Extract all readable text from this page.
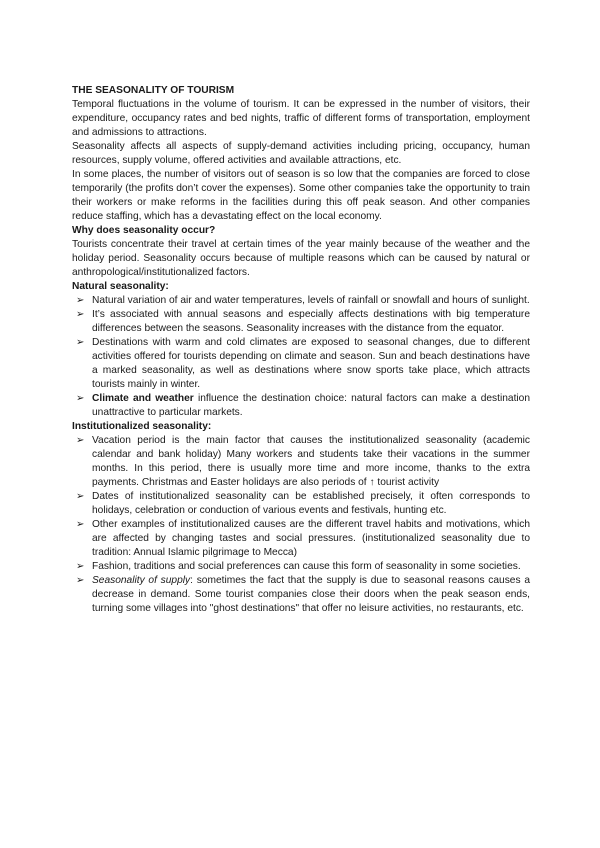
THE SEASONALITY OF TOURISM

Temporal fluctuations in the volume of tourism. It can be expressed in the number of visitors, their expenditure, occupancy rates and bed nights, traffic of different forms of transportation, employment and admissions to attractions.

Seasonality affects all aspects of supply-demand activities including pricing, occupancy, human resources, supply volume, offered activities and available attractions, etc.

In some places, the number of visitors out of season is so low that the companies are forced to close temporarily (the profits don’t cover the expenses). Some other companies take the opportunity to train their workers or make reforms in the facilities during this off peak season. And other companies reduce staffing, which has a devastating effect on the local economy.

Why does seasonality occur?

Tourists concentrate their travel at certain times of the year mainly because of the weather and the holiday period. Seasonality occurs because of multiple reasons which can be caused by natural or anthropological/institutionalized factors.

Natural seasonality:
➢ Natural variation of air and water temperatures, levels of rainfall or snowfall and hours of sunlight.
➢ It’s associated with annual seasons and especially affects destinations with big temperature differences between the seasons. Seasonality increases with the distance from the equator.
➢ Destinations with warm and cold climates are exposed to seasonal changes, due to different activities offered for tourists depending on climate and season. Sun and beach destinations have a marked seasonality, as well as destinations where snow sports take place, which attracts tourists mainly in winter.
➢ Climate and weather influence the destination choice: natural factors can make a destination unattractive to particular markets.
Institutionalized seasonality:
➢ Vacation period is the main factor that causes the institutionalized seasonality (academic calendar and bank holiday) Many workers and students take their vacations in the summer months. In this period, there is usually more time and more income, thanks to the extra payments. Christmas and Easter holidays are also periods of ↑ tourist activity
➢ Dates of institutionalized seasonality can be established precisely, it often corresponds to holidays, celebration or conduction of various events and festivals, hunting etc.
➢ Other examples of institutionalized causes are the different travel habits and motivations, which are affected by changing tastes and social pressures. (institutionalized seasonality due to tradition: Annual Islamic pilgrimage to Mecca)
➢ Fashion, traditions and social preferences can cause this form of seasonality in some societies.
➢ Seasonality of supply: sometimes the fact that the supply is due to seasonal reasons causes a decrease in demand. Some tourist companies close their doors when the peak season ends, turning some villages into "ghost destinations" that offer no leisure activities, no restaurants, etc.
